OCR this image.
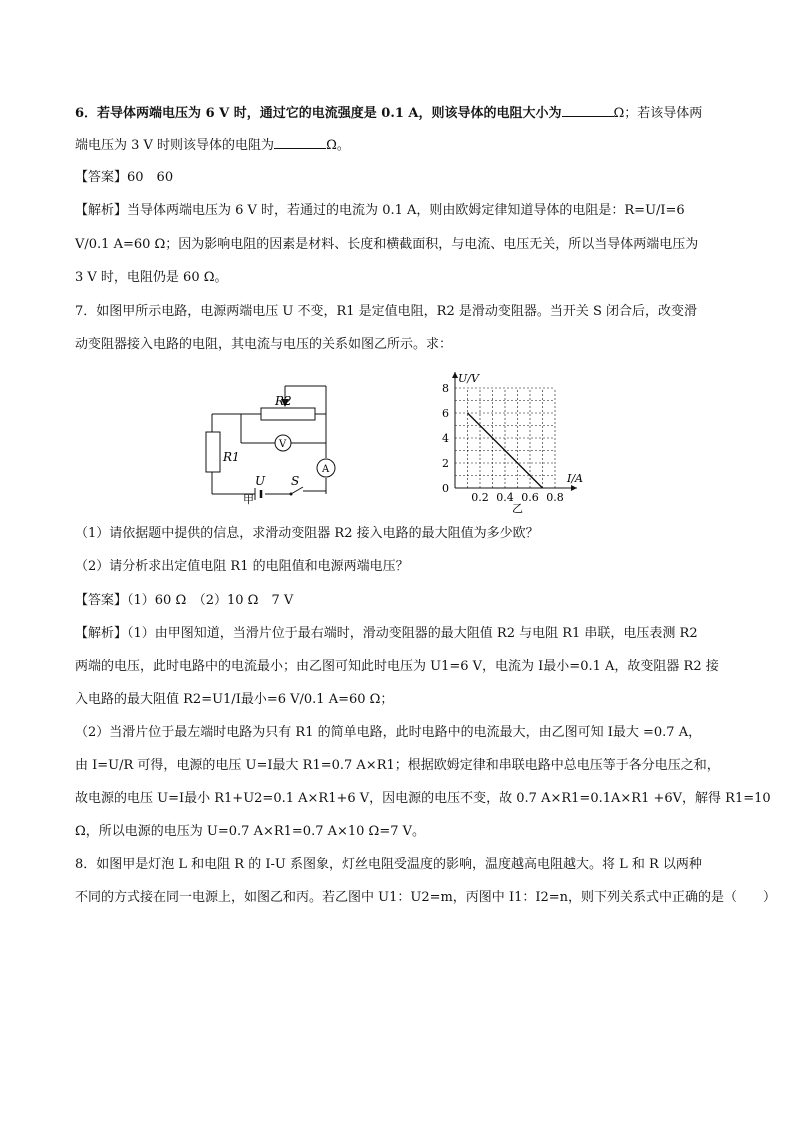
6．若导体两端电压为 6 V 时，通过它的电流强度是 0.1 A，则该导体的电阻大小为	Ω；若该导体两
端电压为 3 V 时则该导体的电阻为	Ω。
【答案】60　60
【解析】当导体两端电压为 6 V 时，若通过的电流为 0.1 A，则由欧姆定律知道导体的电阻是：R=U/I=6
V/0.1 A=60 Ω；因为影响电阻的因素是材料、长度和横截面积，与电流、电压无关，所以当导体两端电压为
3 V 时，电阻仍是 60 Ω。
7．如图甲所示电路，电源两端电压 U 不变，R1 是定值电阻，R2 是滑动变阻器。当开关 S 闭合后，改变滑
动变阻器接入电路的电阻，其电流与电压的关系如图乙所示。求：
R2
R1
V
A
U S
甲	0.2 0.4 0.6 0.8
2
4
6
8
0
I/A
U/V
乙
（1）请依据题中提供的信息，求滑动变阻器 R2 接入电路的最大阻值为多少欧？
（2）请分析求出定值电阻 R1 的电阻值和电源两端电压？
【答案】（1）60 Ω　（2）10 Ω　7 V
【解析】（1）由甲图知道，当滑片位于最右端时，滑动变阻器的最大阻值 R2 与电阻 R1 串联，电压表测 R2
两端的电压，此时电路中的电流最小；由乙图可知此时电压为 U1=6 V，电流为 I最小=0.1 A，故变阻器 R2 接
入电路的最大阻值 R2=U1/I最小=6 V/0.1 A=60 Ω；
（2）当滑片位于最左端时电路为只有 R1 的简单电路，此时电路中的电流最大，由乙图可知 I最大 =0.7 A，
由 I=U/R 可得，电源的电压 U=I最大 R1=0.7 A×R1；根据欧姆定律和串联电路中总电压等于各分电压之和，
故电源的电压 U=I最小 R1+U2=0.1 A×R1+6 V，因电源的电压不变，故 0.7 A×R1=0.1A×R1 +6V，解得 R1=10
Ω，所以电源的电压为 U=0.7 A×R1=0.7 A×10 Ω=7 V。
8．如图甲是灯泡 L 和电阻 R 的 I-U 系图象，灯丝电阻受温度的影响，温度越高电阻越大。将 L 和 R 以两种
不同的方式接在同一电源上，如图乙和丙。若乙图中 U1：U2=m，丙图中 I1：I2=n，则下列关系式中正确的是（　　）
